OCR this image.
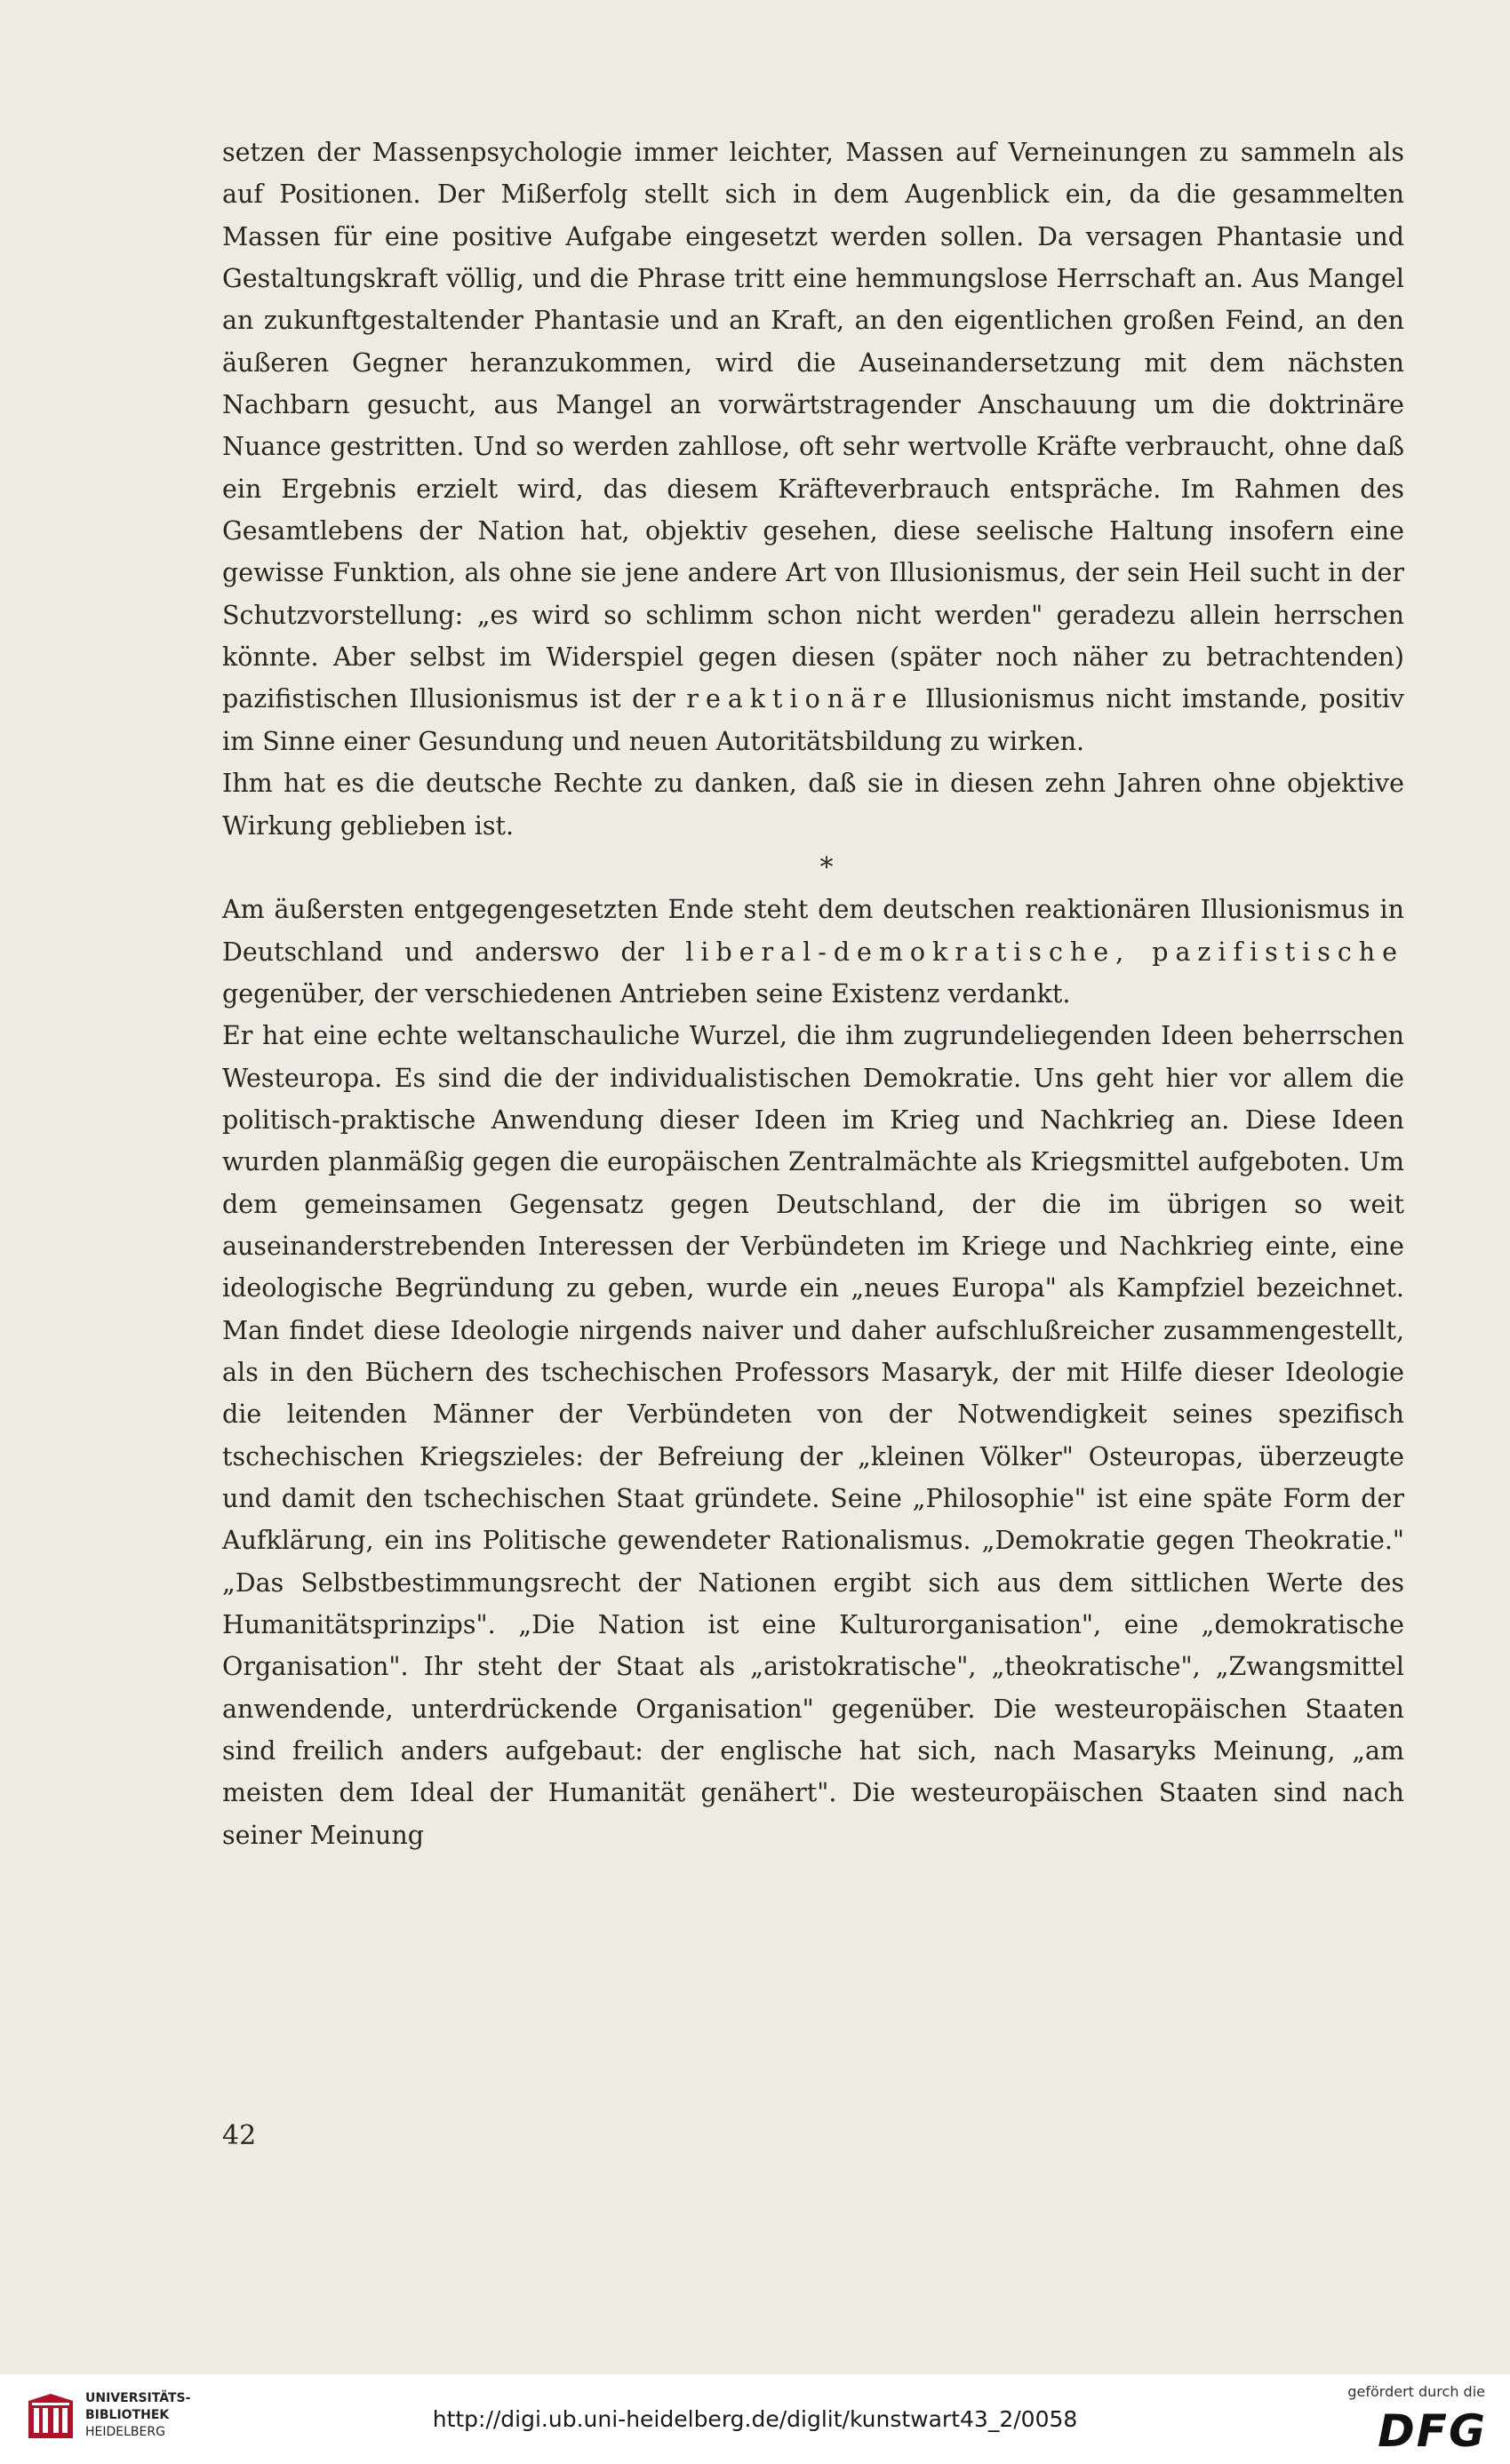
setzen der Massenpsychologie immer leichter, Massen auf Verneinungen zu sammeln als auf Positionen. Der Mißerfolg stellt sich in dem Augenblick ein, da die gesammelten Massen für eine positive Aufgabe eingesetzt werden sollen. Da versagen Phantasie und Gestaltungskraft völlig, und die Phrase tritt eine hemmungslose Herrschaft an. Aus Mangel an zukunftgestaltender Phantasie und an Kraft, an den eigentlichen großen Feind, an den äußeren Gegner heranzukommen, wird die Auseinandersetzung mit dem nächsten Nachbarn gesucht, aus Mangel an vorwärtstragender Anschauung um die doktrinäre Nuance gestritten. Und so werden zahllose, oft sehr wertvolle Kräfte verbraucht, ohne daß ein Ergebnis erzielt wird, das diesem Kräfteverbrauch entspräche. Im Rahmen des Gesamtlebens der Nation hat, objektiv gesehen, diese seelische Haltung insofern eine gewisse Funktion, als ohne sie jene andere Art von Illusionismus, der sein Heil sucht in der Schutzvorstellung: „es wird so schlimm schon nicht werden" geradezu allein herrschen könnte. Aber selbst im Widerspiel gegen diesen (später noch näher zu betrachtenden) pazifistischen Illusionismus ist der reaktionäre Illusionismus nicht imstande, positiv im Sinne einer Gesundung und neuen Autoritätsbildung zu wirken.

Ihm hat es die deutsche Rechte zu danken, daß sie in diesen zehn Jahren ohne objektive Wirkung geblieben ist.

*

Am äußersten entgegengesetzten Ende steht dem deutschen reaktionären Illusionismus in Deutschland und anderswo der liberal-demokratische, pazifistische gegenüber, der verschiedenen Antrieben seine Existenz verdankt.

Er hat eine echte weltanschauliche Wurzel, die ihm zugrundeliegenden Ideen beherrschen Westeuropa. Es sind die der individualistischen Demokratie. Uns geht hier vor allem die politisch-praktische Anwendung dieser Ideen im Krieg und Nachkrieg an. Diese Ideen wurden planmäßig gegen die europäischen Zentralmächte als Kriegsmittel aufgeboten. Um dem gemeinsamen Gegensatz gegen Deutschland, der die im übrigen so weit auseinanderstrebenden Interessen der Verbündeten im Kriege und Nachkrieg einte, eine ideologische Begründung zu geben, wurde ein „neues Europa" als Kampfziel bezeichnet. Man findet diese Ideologie nirgends naiver und daher aufschlußreicher zusammengestellt, als in den Büchern des tschechischen Professors Masaryk, der mit Hilfe dieser Ideologie die leitenden Männer der Verbündeten von der Notwendigkeit seines spezifisch tschechischen Kriegszieles: der Befreiung der „kleinen Völker" Osteuropas, überzeugte und damit den tschechischen Staat gründete. Seine „Philosophie" ist eine späte Form der Aufklärung, ein ins Politische gewendeter Rationalismus. „Demokratie gegen Theokratie." „Das Selbstbestimmungsrecht der Nationen ergibt sich aus dem sittlichen Werte des Humanitätsprinzips". „Die Nation ist eine Kulturorganisation", eine „demokratische Organisation". Ihr steht der Staat als „aristokratische", „theokratische", „Zwangsmittel anwendende, unterdrückende Organisation" gegenüber. Die westeuropäischen Staaten sind freilich anders aufgebaut: der englische hat sich, nach Masaryks Meinung, „am meisten dem Ideal der Humanität genähert". Die westeuropäischen Staaten sind nach seiner Meinung

42
UNIVERSITÄTS-
BIBLIOTHEK
HEIDELBERG	http://digi.ub.uni-heidelberg.de/diglit/kunstwart43_2/0058
gefördert durch die
DFG
